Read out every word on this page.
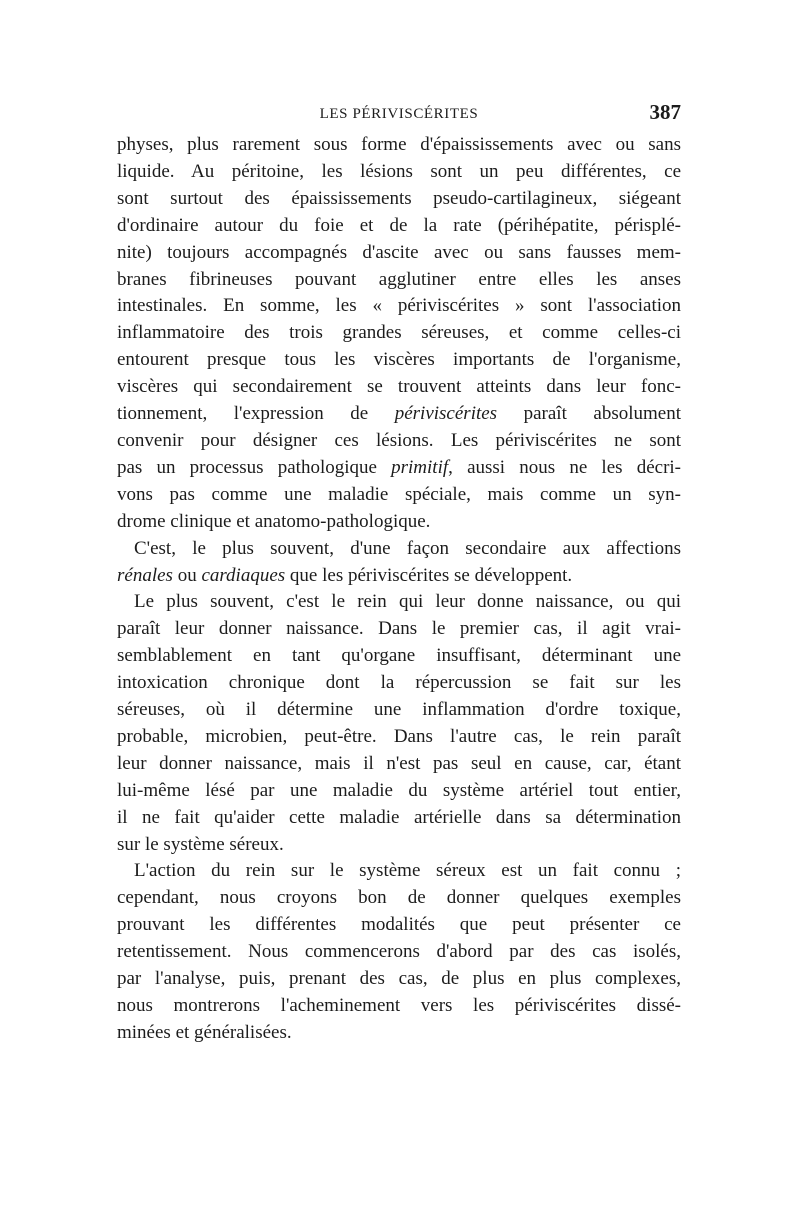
LES PÉRIVISCÉRITES	387
physes, plus rarement sous forme d'épaississements avec ou sans
liquide. Au péritoine, les lésions sont un peu différentes, ce
sont surtout des épaississements pseudo-cartilagineux, siégeant
d'ordinaire autour du foie et de la rate (périhépatite, périsplé-
nite) toujours accompagnés d'ascite avec ou sans fausses mem-
branes fibrineuses pouvant agglutiner entre elles les anses
intestinales. En somme, les « périviscérites » sont l'association
inflammatoire des trois grandes séreuses, et comme celles-ci
entourent presque tous les viscères importants de l'organisme,
viscères qui secondairement se trouvent atteints dans leur fonc-
tionnement, l'expression de périviscérites paraît absolument
convenir pour désigner ces lésions. Les périviscérites ne sont
pas un processus pathologique primitif, aussi nous ne les décri-
vons pas comme une maladie spéciale, mais comme un syn-
drome clinique et anatomo-pathologique.
C'est, le plus souvent, d'une façon secondaire aux affections
rénales ou cardiaques que les périviscérites se développent.
Le plus souvent, c'est le rein qui leur donne naissance, ou qui
paraît leur donner naissance. Dans le premier cas, il agit vrai-
semblablement en tant qu'organe insuffisant, déterminant une
intoxication chronique dont la répercussion se fait sur les
séreuses, où il détermine une inflammation d'ordre toxique,
probable, microbien, peut-être. Dans l'autre cas, le rein paraît
leur donner naissance, mais il n'est pas seul en cause, car, étant
lui-même lésé par une maladie du système artériel tout entier,
il ne fait qu'aider cette maladie artérielle dans sa détermination
sur le système séreux.
L'action du rein sur le système séreux est un fait connu ;
cependant, nous croyons bon de donner quelques exemples
prouvant les différentes modalités que peut présenter ce
retentissement. Nous commencerons d'abord par des cas isolés,
par l'analyse, puis, prenant des cas, de plus en plus complexes,
nous montrerons l'acheminement vers les périviscérites dissé-
minées et généralisées.
